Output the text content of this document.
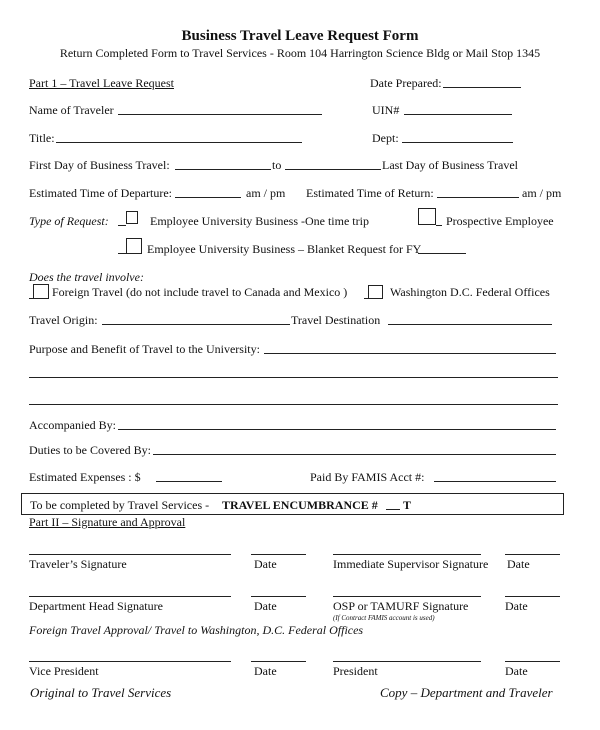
Business Travel Leave Request Form
Return Completed Form to Travel Services - Room 104 Harrington Science Bldg or Mail Stop 1345
Part 1 – Travel Leave Request	Date Prepared:
Name of Traveler	UIN#
Title:	Dept:
First Day of Business Travel:	to	Last Day of Business Travel
Estimated Time of Departure:	am / pm Estimated Time of Return:	am / pm
Type of Request:	Employee University Business -One time trip	Prospective Employee
Employee University Business – Blanket Request for FY
Does the travel involve:
Foreign Travel (do not include travel to Canada and Mexico )	Washington D.C. Federal Offices
Travel Origin:	Travel Destination
Purpose and Benefit of Travel to the University:
Accompanied By:
Duties to be Covered By:
Estimated Expenses : $	Paid By FAMIS Acct #:
To be completed by Travel Services - TRAVEL ENCUMBRANCE # T
Part II – Signature and Approval
Traveler’s Signature	Date	Immediate Supervisor Signature Date
Department Head Signature	Date	OSP or TAMURF Signature
(If Contract FAMIS account is used)
Date
Foreign Travel Approval/ Travel to Washington, D.C. Federal Offices
Vice President	Date	President	Date
Original to Travel Services	Copy – Department and Traveler
